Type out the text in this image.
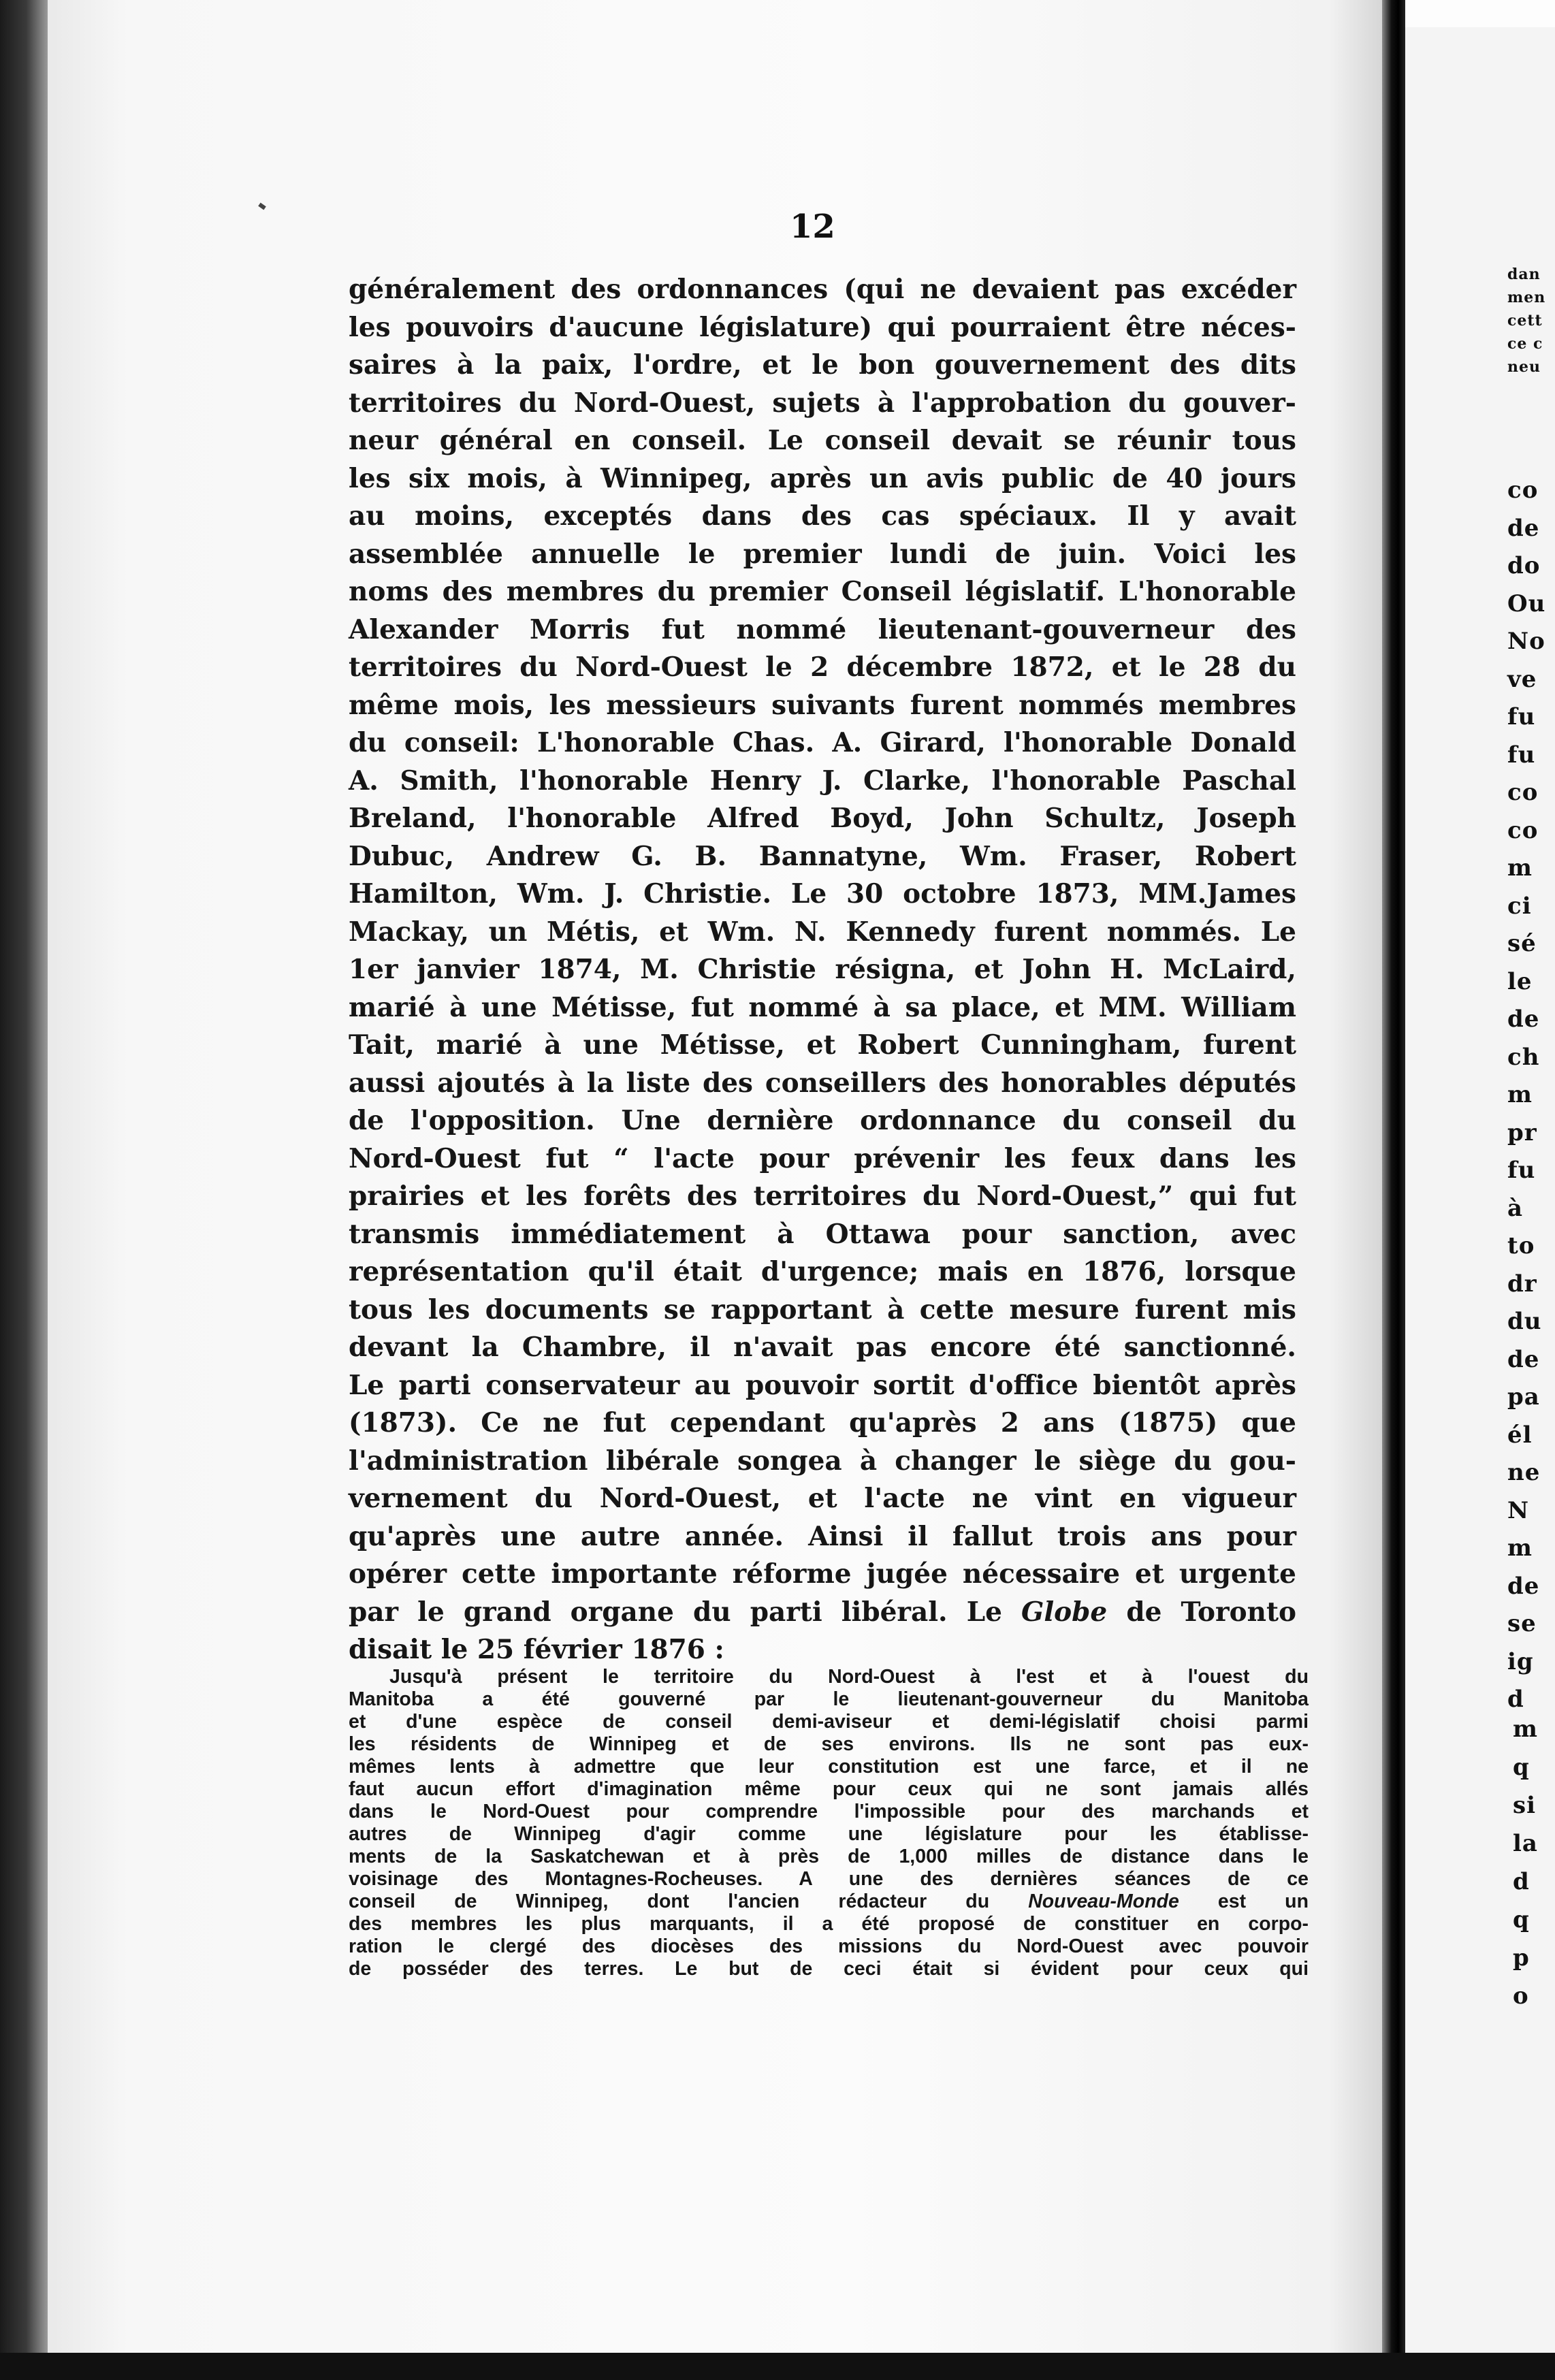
12
généralement des ordonnances (qui ne devaient pas excéder
les pouvoirs d'aucune législature) qui pourraient être néces-
saires à la paix, l'ordre, et le bon gouvernement des dits
territoires du Nord-Ouest, sujets à l'approbation du gouver-
neur général en conseil. Le conseil devait se réunir tous
les six mois, à Winnipeg, après un avis public de 40 jours
au moins, exceptés dans des cas spéciaux. Il y avait
assemblée annuelle le premier lundi de juin. Voici les
noms des membres du premier Conseil législatif. L'honorable
Alexander Morris fut nommé lieutenant-gouverneur des
territoires du Nord-Ouest le 2 décembre 1872, et le 28 du
même mois, les messieurs suivants furent nommés membres
du conseil: L'honorable Chas. A. Girard, l'honorable Donald
A. Smith, l'honorable Henry J. Clarke, l'honorable Paschal
Breland, l'honorable Alfred Boyd, John Schultz, Joseph
Dubuc, Andrew G. B. Bannatyne, Wm. Fraser, Robert
Hamilton, Wm. J. Christie. Le 30 octobre 1873, MM.James
Mackay, un Métis, et Wm. N. Kennedy furent nommés. Le
1er janvier 1874, M. Christie résigna, et John H. McLaird,
marié à une Métisse, fut nommé à sa place, et MM. William
Tait, marié à une Métisse, et Robert Cunningham, furent
aussi ajoutés à la liste des conseillers des honorables députés
de l'opposition. Une dernière ordonnance du conseil du
Nord-Ouest fut “ l'acte pour prévenir les feux dans les
prairies et les forêts des territoires du Nord-Ouest,” qui fut
transmis immédiatement à Ottawa pour sanction, avec
représentation qu'il était d'urgence; mais en 1876, lorsque
tous les documents se rapportant à cette mesure furent mis
devant la Chambre, il n'avait pas encore été sanctionné.
Le parti conservateur au pouvoir sortit d'office bientôt après
(1873). Ce ne fut cependant qu'après 2 ans (1875) que
l'administration libérale songea à changer le siège du gou-
vernement du Nord-Ouest, et l'acte ne vint en vigueur
qu'après une autre année. Ainsi il fallut trois ans pour
opérer cette importante réforme jugée nécessaire et urgente
par le grand organe du parti libéral. Le Globe de Toronto
disait le 25 février 1876 :
Jusqu'à présent le territoire du Nord-Ouest à l'est et à l'ouest du
Manitoba a été gouverné par le lieutenant-gouverneur du Manitoba
et d'une espèce de conseil demi-aviseur et demi-législatif choisi parmi
les résidents de Winnipeg et de ses environs. Ils ne sont pas eux-
mêmes lents à admettre que leur constitution est une farce, et il ne
faut aucun effort d'imagination même pour ceux qui ne sont jamais allés
dans le Nord-Ouest pour comprendre l'impossible pour des marchands et
autres de Winnipeg d'agir comme une législature pour les établisse-
ments de la Saskatchewan et à près de 1,000 milles de distance dans le
voisinage des Montagnes-Rocheuses. A une des dernières séances de ce
conseil de Winnipeg, dont l'ancien rédacteur du Nouveau-Monde est un
des membres les plus marquants, il a été proposé de constituer en corpo-
ration le clergé des diocèses des missions du Nord-Ouest avec pouvoir
de posséder des terres. Le but de ceci était si évident pour ceux qui
dan
men
cett
ce c
neu
co
de
do
Ou
No
ve
fu
fu
co
co
m
ci
sé
le
de
ch
m
pr
fu
à
to
dr
du
de
pa
él
ne
N
m
de
se
ig
d
m
q
si
la
d
q
p
o
